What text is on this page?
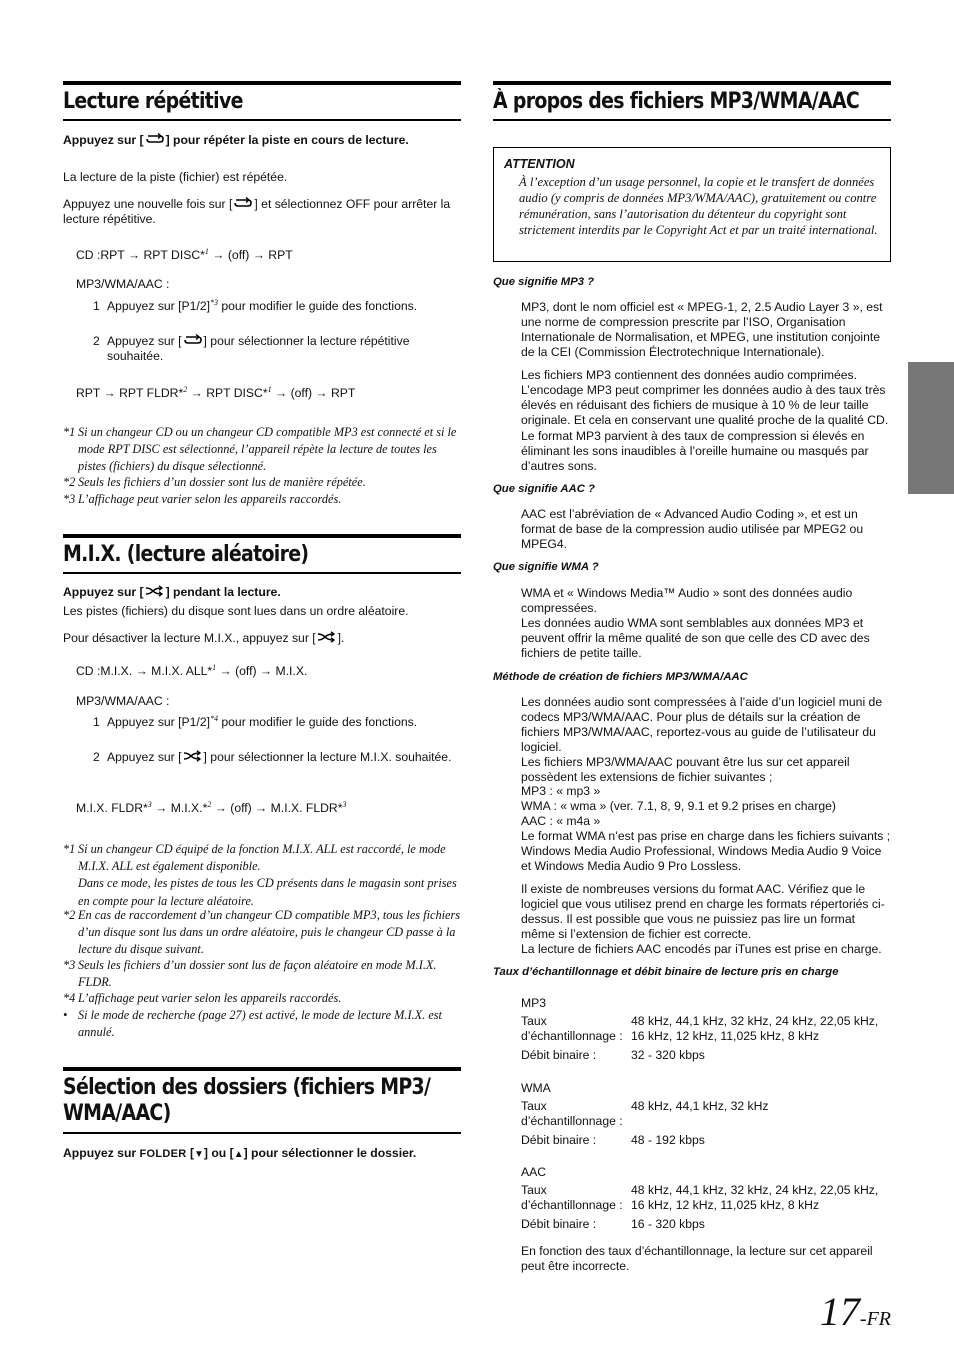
Lecture répétitive
Appuyez sur [ ] pour répéter la piste en cours de lecture.
La lecture de la piste (fichier) est répétée.
Appuyez une nouvelle fois sur [ ] et sélectionnez OFF pour arrêter la lecture répétitive.
CD :RPT → RPT DISC*$^1$ → (off) → RPT
MP3/WMA/AAC :
1 Appuyez sur $[P1/2]^{*3}$ pour modifier le guide des fonctions.
2 Appuyez sur [ ] pour sélectionner la lecture répétitive souhaitée.
RPT → RPT FLDR*$^2$ → RPT DISC*$^1$ → (off) → RPT
*1 Si un changeur CD ou un changeur CD compatible MP3 est connecté et si le mode RPT DISC est sélectionné, l’appareil répète la lecture de toutes les pistes (fichiers) du disque sélectionné.
*2 Seuls les fichiers d’un dossier sont lus de manière répétée.
*3 L’affichage peut varier selon les appareils raccordés.
M.I.X. (lecture aléatoire)
Appuyez sur [ ] pendant la lecture.
Les pistes (fichiers) du disque sont lues dans un ordre aléatoire.
Pour désactiver la lecture M.I.X., appuyez sur [ ].
CD :M.I.X. → M.I.X. ALL*$^1$ → (off) → M.I.X.
MP3/WMA/AAC :
1 Appuyez sur $[P1/2]^{*4}$ pour modifier le guide des fonctions.
2 Appuyez sur [ ] pour sélectionner la lecture M.I.X. souhaitée.
M.I.X. FLDR*$^3$ → M.I.X.*$^2$ → (off) → M.I.X. FLDR*$^3$
*1 Si un changeur CD équipé de la fonction M.I.X. ALL est raccordé, le mode M.I.X. ALL est également disponible.
Dans ce mode, les pistes de tous les CD présents dans le magasin sont prises en compte pour la lecture aléatoire.
*2 En cas de raccordement d’un changeur CD compatible MP3, tous les fichiers d’un disque sont lus dans un ordre aléatoire, puis le changeur CD passe à la lecture du disque suivant.
*3 Seuls les fichiers d’un dossier sont lus de façon aléatoire en mode M.I.X. FLDR.
*4 L’affichage peut varier selon les appareils raccordés.
• Si le mode de recherche (page 27) est activé, le mode de lecture M.I.X. est annulé.
Sélection des dossiers (fichiers MP3/
WMA/AAC)
Appuyez sur FOLDER [▼] ou [▲] pour sélectionner le dossier.
À propos des fichiers MP3/WMA/AAC
ATTENTION
À l’exception d’un usage personnel, la copie et le transfert de données audio (y compris de données MP3/WMA/AAC), gratuitement ou contre rémunération, sans l’autorisation du détenteur du copyright sont strictement interdits par le Copyright Act et par un traité international.
Que signifie MP3 ?
MP3, dont le nom officiel est « MPEG-1, 2, 2.5 Audio Layer 3 », est une norme de compression prescrite par l’ISO, Organisation Internationale de Normalisation, et MPEG, une institution conjointe de la CEI (Commission Électrotechnique Internationale).
Les fichiers MP3 contiennent des données audio comprimées. L’encodage MP3 peut comprimer les données audio à des taux très élevés en réduisant des fichiers de musique à 10 % de leur taille originale. Et cela en conservant une qualité proche de la qualité CD. Le format MP3 parvient à des taux de compression si élevés en éliminant les sons inaudibles à l’oreille humaine ou masqués par d’autres sons.
Que signifie AAC ?
AAC est l’abréviation de « Advanced Audio Coding », et est un format de base de la compression audio utilisée par MPEG2 ou MPEG4.
Que signifie WMA ?
WMA et « Windows Media™ Audio » sont des données audio compressées.
Les données audio WMA sont semblables aux données MP3 et peuvent offrir la même qualité de son que celle des CD avec des fichiers de petite taille.
Méthode de création de fichiers MP3/WMA/AAC
Les données audio sont compressées à l’aide d’un logiciel muni de codecs MP3/WMA/AAC. Pour plus de détails sur la création de fichiers MP3/WMA/AAC, reportez-vous au guide de l’utilisateur du logiciel.
Les fichiers MP3/WMA/AAC pouvant être lus sur cet appareil possèdent les extensions de fichier suivantes ;
MP3 : « mp3 »
WMA : « wma » (ver. 7.1, 8, 9, 9.1 et 9.2 prises en charge)
AAC : « m4a »
Le format WMA n’est pas prise en charge dans les fichiers suivants ; Windows Media Audio Professional, Windows Media Audio 9 Voice et Windows Media Audio 9 Pro Lossless.
Il existe de nombreuses versions du format AAC. Vérifiez que le logiciel que vous utilisez prend en charge les formats répertoriés ci-dessus. Il est possible que vous ne puissiez pas lire un format même si l’extension de fichier est correcte.
La lecture de fichiers AAC encodés par iTunes est prise en charge.
Taux d’échantillonnage et débit binaire de lecture pris en charge
MP3
Taux
d’échantillonnage :
48 kHz, 44,1 kHz, 32 kHz, 24 kHz, 22,05 kHz,
16 kHz, 12 kHz, 11,025 kHz, 8 kHz
Débit binaire :	32 - 320 kbps
WMA
Taux
d’échantillonnage :
48 kHz, 44,1 kHz, 32 kHz
Débit binaire :	48 - 192 kbps
AAC
Taux
d’échantillonnage :
48 kHz, 44,1 kHz, 32 kHz, 24 kHz, 22,05 kHz,
16 kHz, 12 kHz, 11,025 kHz, 8 kHz
Débit binaire :	16 - 320 kbps
En fonction des taux d’échantillonnage, la lecture sur cet appareil peut être incorrecte.
17-FR
